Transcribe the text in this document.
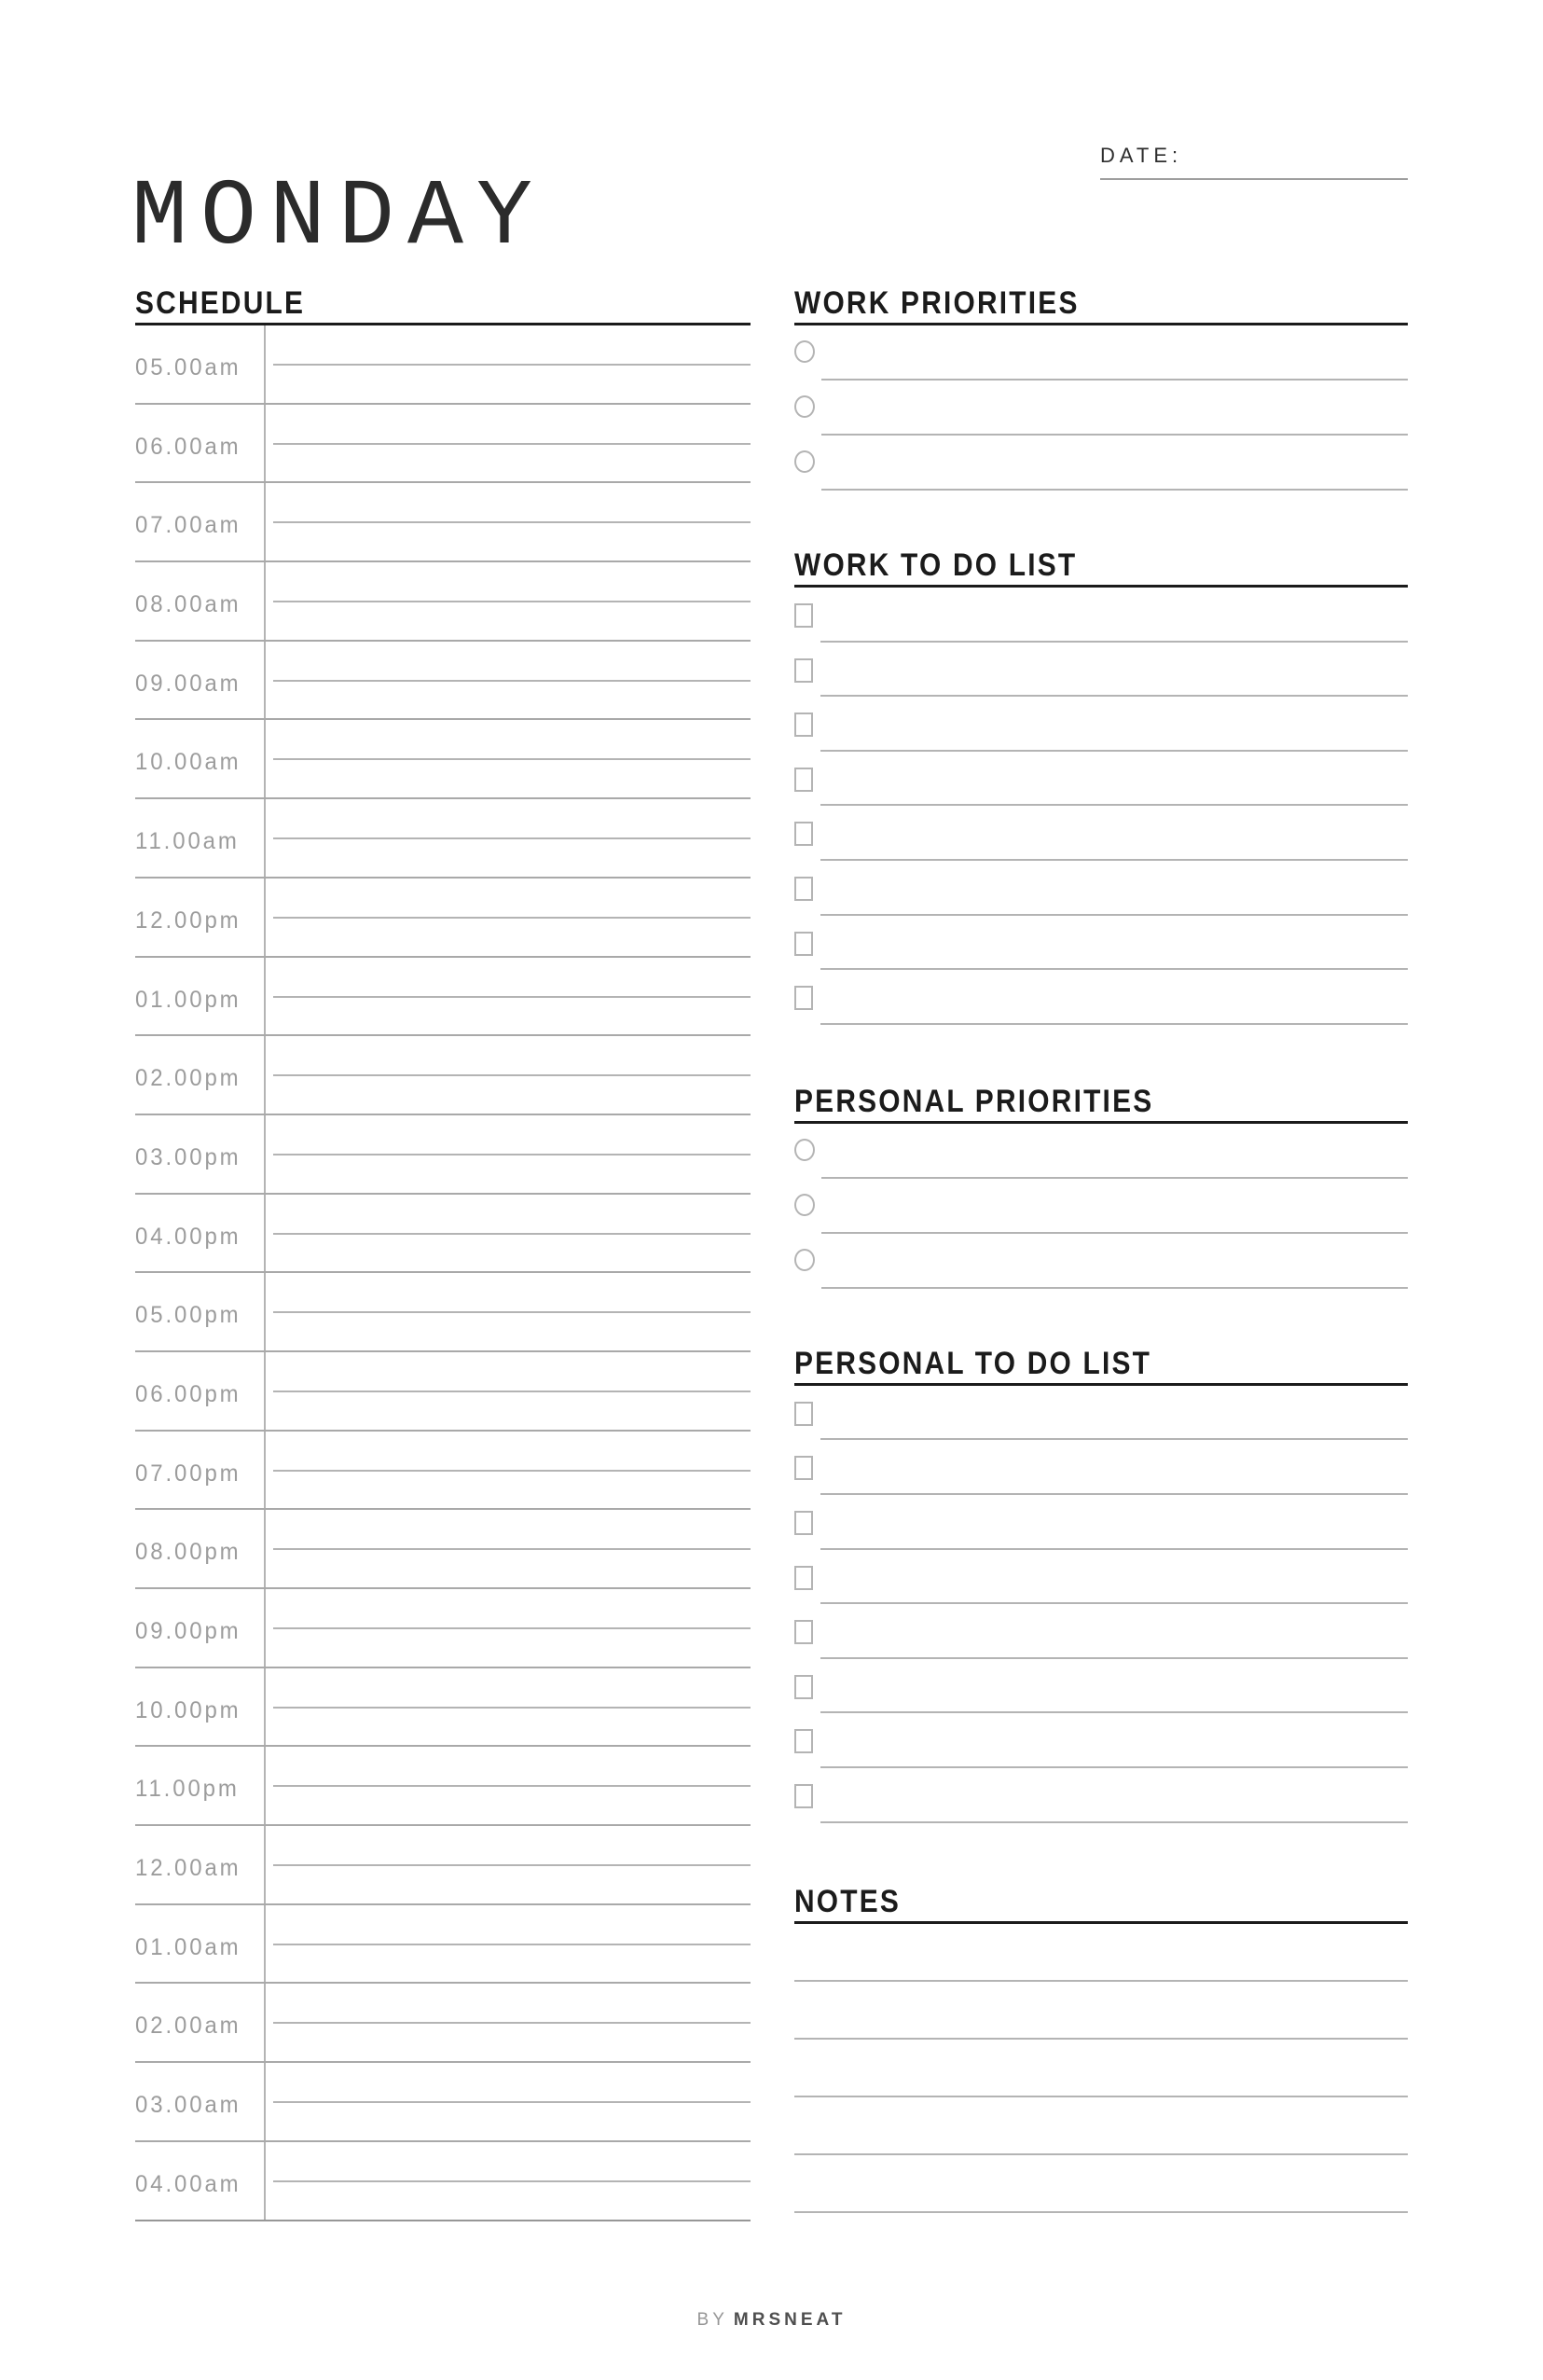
MONDAY
DATE:
SCHEDULE
05.00am
06.00am
07.00am
08.00am
09.00am
10.00am
11.00am
12.00pm
01.00pm
02.00pm
03.00pm
04.00pm
05.00pm
06.00pm
07.00pm
08.00pm
09.00pm
10.00pm
11.00pm
12.00am
01.00am
02.00am
03.00am
04.00am
WORK PRIORITIES
WORK TO DO LIST
PERSONAL PRIORITIES
PERSONAL TO DO LIST
NOTES
BY MRSNEAT
